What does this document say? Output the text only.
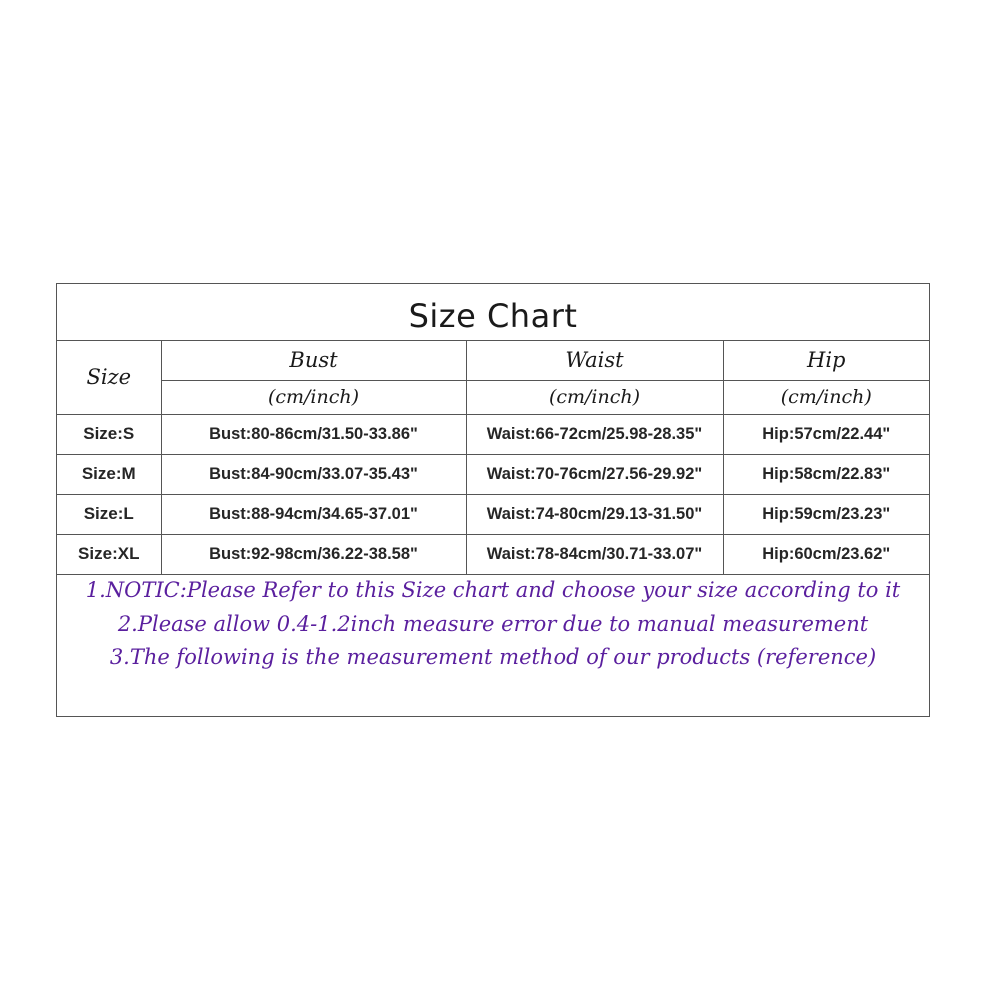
Size Chart
Size	Bust	Waist	Hip
	(cm/inch)	(cm/inch)	(cm/inch)
Size:S	Bust:80-86cm/31.50-33.86"	Waist:66-72cm/25.98-28.35"	Hip:57cm/22.44"
Size:M	Bust:84-90cm/33.07-35.43"	Waist:70-76cm/27.56-29.92"	Hip:58cm/22.83"
Size:L	Bust:88-94cm/34.65-37.01"	Waist:74-80cm/29.13-31.50"	Hip:59cm/23.23"
Size:XL	Bust:92-98cm/36.22-38.58"	Waist:78-84cm/30.71-33.07"	Hip:60cm/23.62"
1.NOTIC:Please Refer to this Size chart and choose your size according to it
2.Please allow 0.4-1.2inch measure error due to manual measurement
3.The following is the measurement method of our products (reference)
